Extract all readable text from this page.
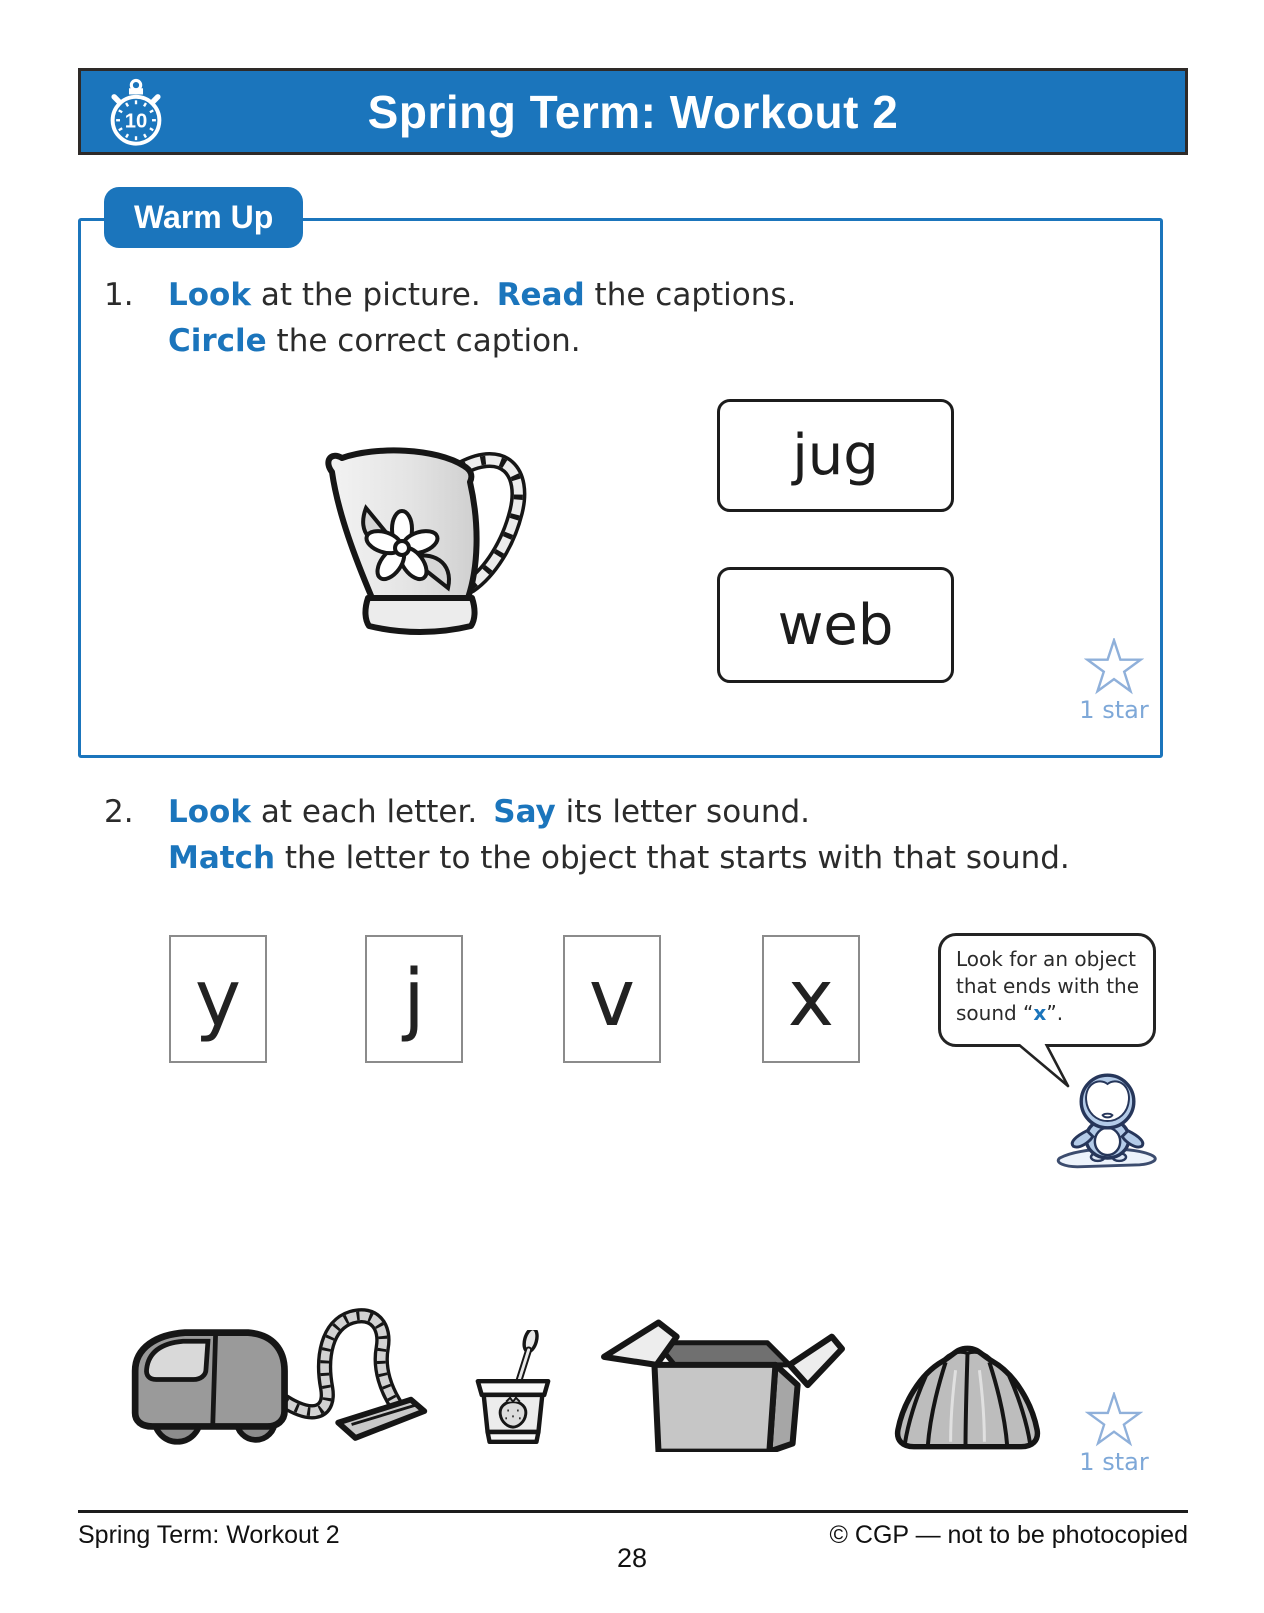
10	Spring Term: Workout 2
Warm Up
1.	Look at the picture. Read the captions.
Circle the correct caption.
jug
web
1 star
2.	Look at each letter. Say its letter sound.
Match the letter to the object that starts with that sound.
y j v x	Look for an object that ends with the sound “x”.
1 star
Spring Term: Workout 2	© CGP — not to be photocopied
28
